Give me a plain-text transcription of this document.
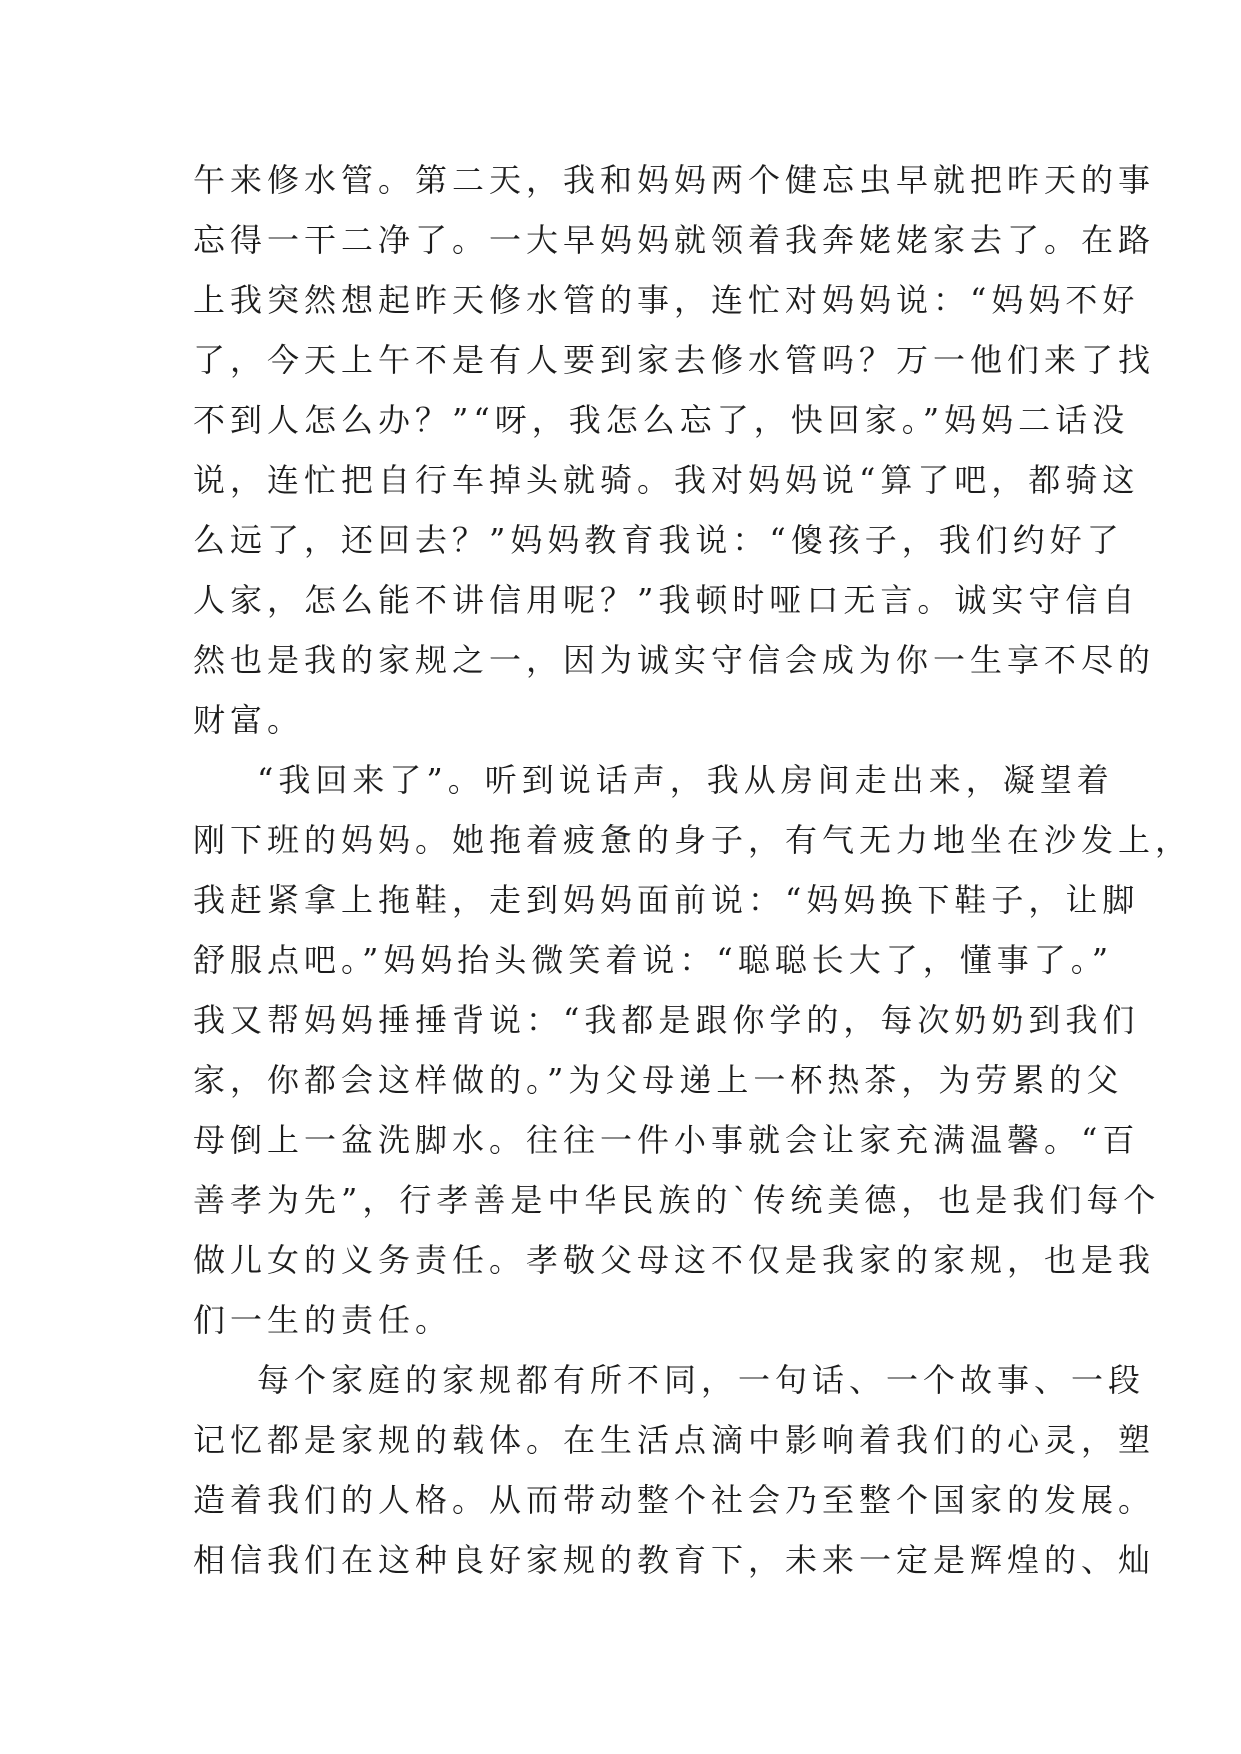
午来修水管。第二天，我和妈妈两个健忘虫早就把昨天的事
忘得一干二净了。一大早妈妈就领着我奔姥姥家去了。在路
上我突然想起昨天修水管的事，连忙对妈妈说：“妈妈不好
了，今天上午不是有人要到家去修水管吗？万一他们来了找
不到人怎么办？”“呀，我怎么忘了，快回家。”妈妈二话没
说，连忙把自行车掉头就骑。我对妈妈说“算了吧，都骑这
么远了，还回去？”妈妈教育我说：“傻孩子，我们约好了
人家，怎么能不讲信用呢？”我顿时哑口无言。诚实守信自
然也是我的家规之一，因为诚实守信会成为你一生享不尽的
财富。
“我回来了”。听到说话声，我从房间走出来，凝望着
刚下班的妈妈。她拖着疲惫的身子，有气无力地坐在沙发上，
我赶紧拿上拖鞋，走到妈妈面前说：“妈妈换下鞋子，让脚
舒服点吧。”妈妈抬头微笑着说：“聪聪长大了，懂事了。”
我又帮妈妈捶捶背说：“我都是跟你学的，每次奶奶到我们
家，你都会这样做的。”为父母递上一杯热茶，为劳累的父
母倒上一盆洗脚水。往往一件小事就会让家充满温馨。“百
善孝为先”，行孝善是中华民族的`传统美德，也是我们每个
做儿女的义务责任。孝敬父母这不仅是我家的家规，也是我
们一生的责任。
每个家庭的家规都有所不同，一句话、一个故事、一段
记忆都是家规的载体。在生活点滴中影响着我们的心灵，塑
造着我们的人格。从而带动整个社会乃至整个国家的发展。
相信我们在这种良好家规的教育下，未来一定是辉煌的、灿
